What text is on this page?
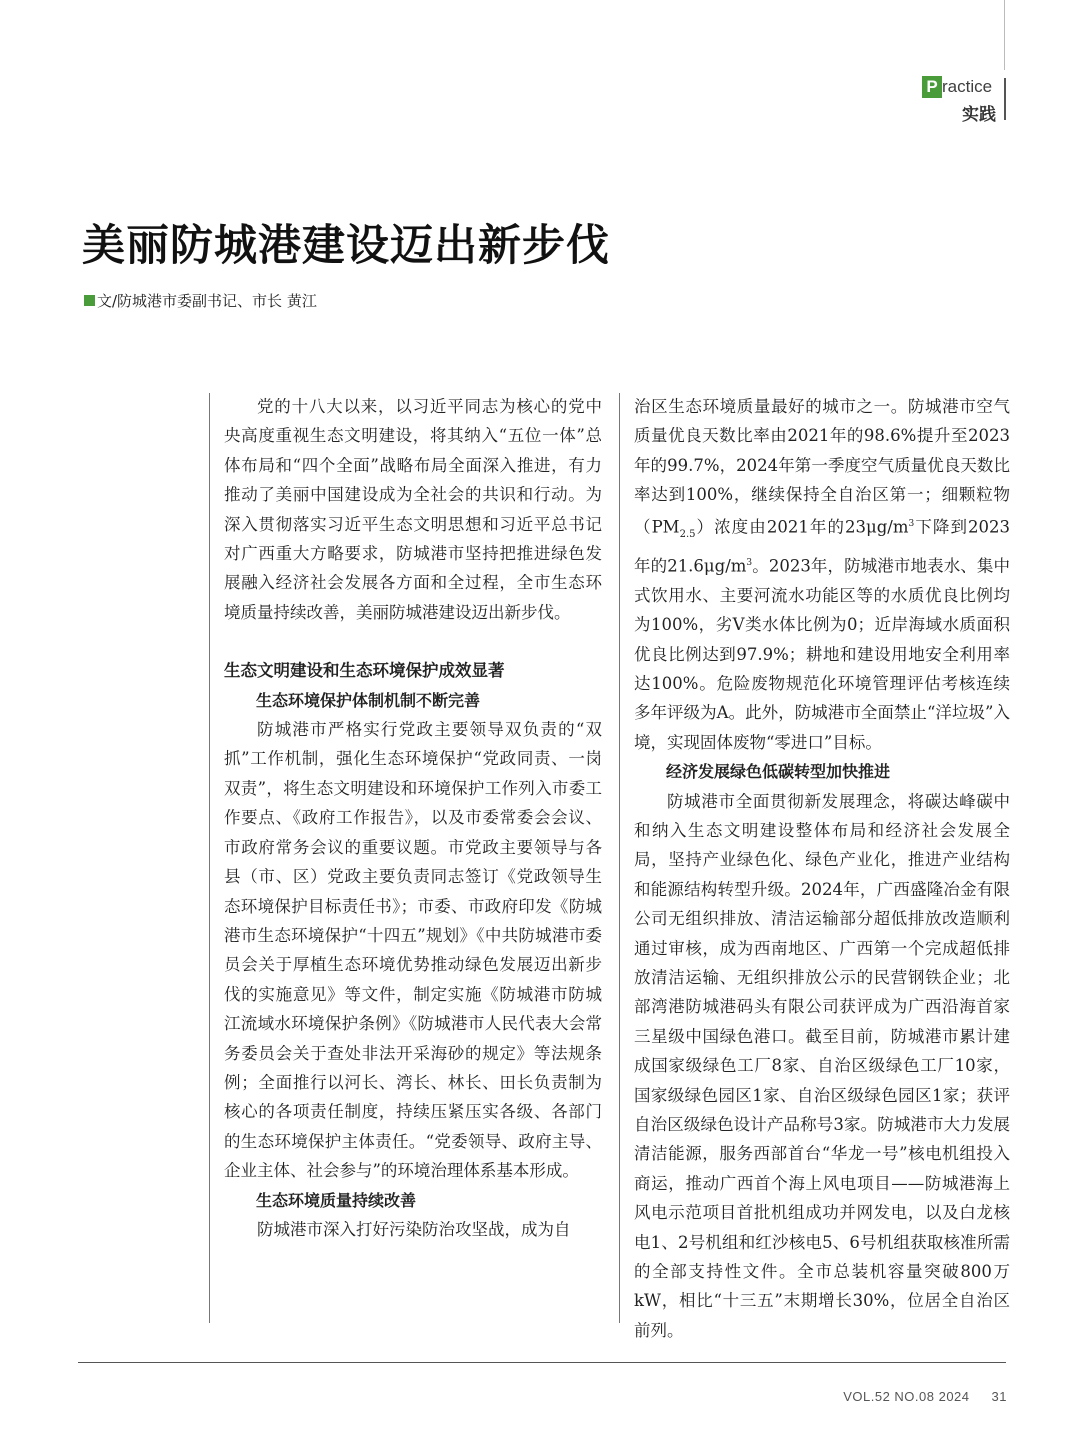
P ractice
实践
美丽防城港建设迈出新步伐
文/防城港市委副书记、市长 黄江

党的十八大以来，以习近平同志为核心的党中央高度重视生态文明建设，将其纳入“五位一体”总体布局和“四个全面”战略布局全面深入推进，有力推动了美丽中国建设成为全社会的共识和行动。为深入贯彻落实习近平生态文明思想和习近平总书记对广西重大方略要求，防城港市坚持把推进绿色发展融入经济社会发展各方面和全过程，全市生态环境质量持续改善，美丽防城港建设迈出新步伐。

生态文明建设和生态环境保护成效显著

生态环境保护体制机制不断完善

防城港市严格实行党政主要领导双负责的“双抓”工作机制，强化生态环境保护“党政同责、一岗双责”，将生态文明建设和环境保护工作列入市委工作要点、《政府工作报告》，以及市委常委会会议、市政府常务会议的重要议题。市党政主要领导与各县（市、区）党政主要负责同志签订《党政领导生态环境保护目标责任书》；市委、市政府印发《防城港市生态环境保护“十四五”规划》《中共防城港市委员会关于厚植生态环境优势推动绿色发展迈出新步伐的实施意见》等文件，制定实施《防城港市防城江流域水环境保护条例》《防城港市人民代表大会常务委员会关于查处非法开采海砂的规定》等法规条例；全面推行以河长、湾长、林长、田长负责制为核心的各项责任制度，持续压紧压实各级、各部门的生态环境保护主体责任。“党委领导、政府主导、企业主体、社会参与”的环境治理体系基本形成。

生态环境质量持续改善

防城港市深入打好污染防治攻坚战，成为自

治区生态环境质量最好的城市之一。防城港市空气质量优良天数比率由2021年的98.6%提升至2023年的99.7%，2024年第一季度空气质量优良天数比率达到100%，继续保持全自治区第一；细颗粒物$(PM_{2.5})$浓度由2021年的$23\mu g/m^3$下降到2023年的$21.6\mu g/m^3$。2023年，防城港市地表水、集中式饮用水、主要河流水功能区等的水质优良比例均为100%，劣Ⅴ类水体比例为0；近岸海域水质面积优良比例达到97.9%；耕地和建设用地安全利用率达100%。危险废物规范化环境管理评估考核连续多年评级为A。此外，防城港市全面禁止“洋垃圾”入境，实现固体废物“零进口”目标。

经济发展绿色低碳转型加快推进

防城港市全面贯彻新发展理念，将碳达峰碳中和纳入生态文明建设整体布局和经济社会发展全局，坚持产业绿色化、绿色产业化，推进产业结构和能源结构转型升级。2024年，广西盛隆冶金有限公司无组织排放、清洁运输部分超低排放改造顺利通过审核，成为西南地区、广西第一个完成超低排放清洁运输、无组织排放公示的民营钢铁企业；北部湾港防城港码头有限公司获评成为广西沿海首家三星级中国绿色港口。截至目前，防城港市累计建成国家级绿色工厂8家、自治区级绿色工厂10家，国家级绿色园区1家、自治区级绿色园区1家；获评自治区级绿色设计产品称号3家。防城港市大力发展清洁能源，服务西部首台“华龙一号”核电机组投入商运，推动广西首个海上风电项目——防城港海上风电示范项目首批机组成功并网发电，以及白龙核电1、2号机组和红沙核电5、6号机组获取核准所需的全部支持性文件。全市总装机容量突破800万kW，相比“十三五”末期增长30%，位居全自治区前列。

VOL.52 NO.08 2024 31
